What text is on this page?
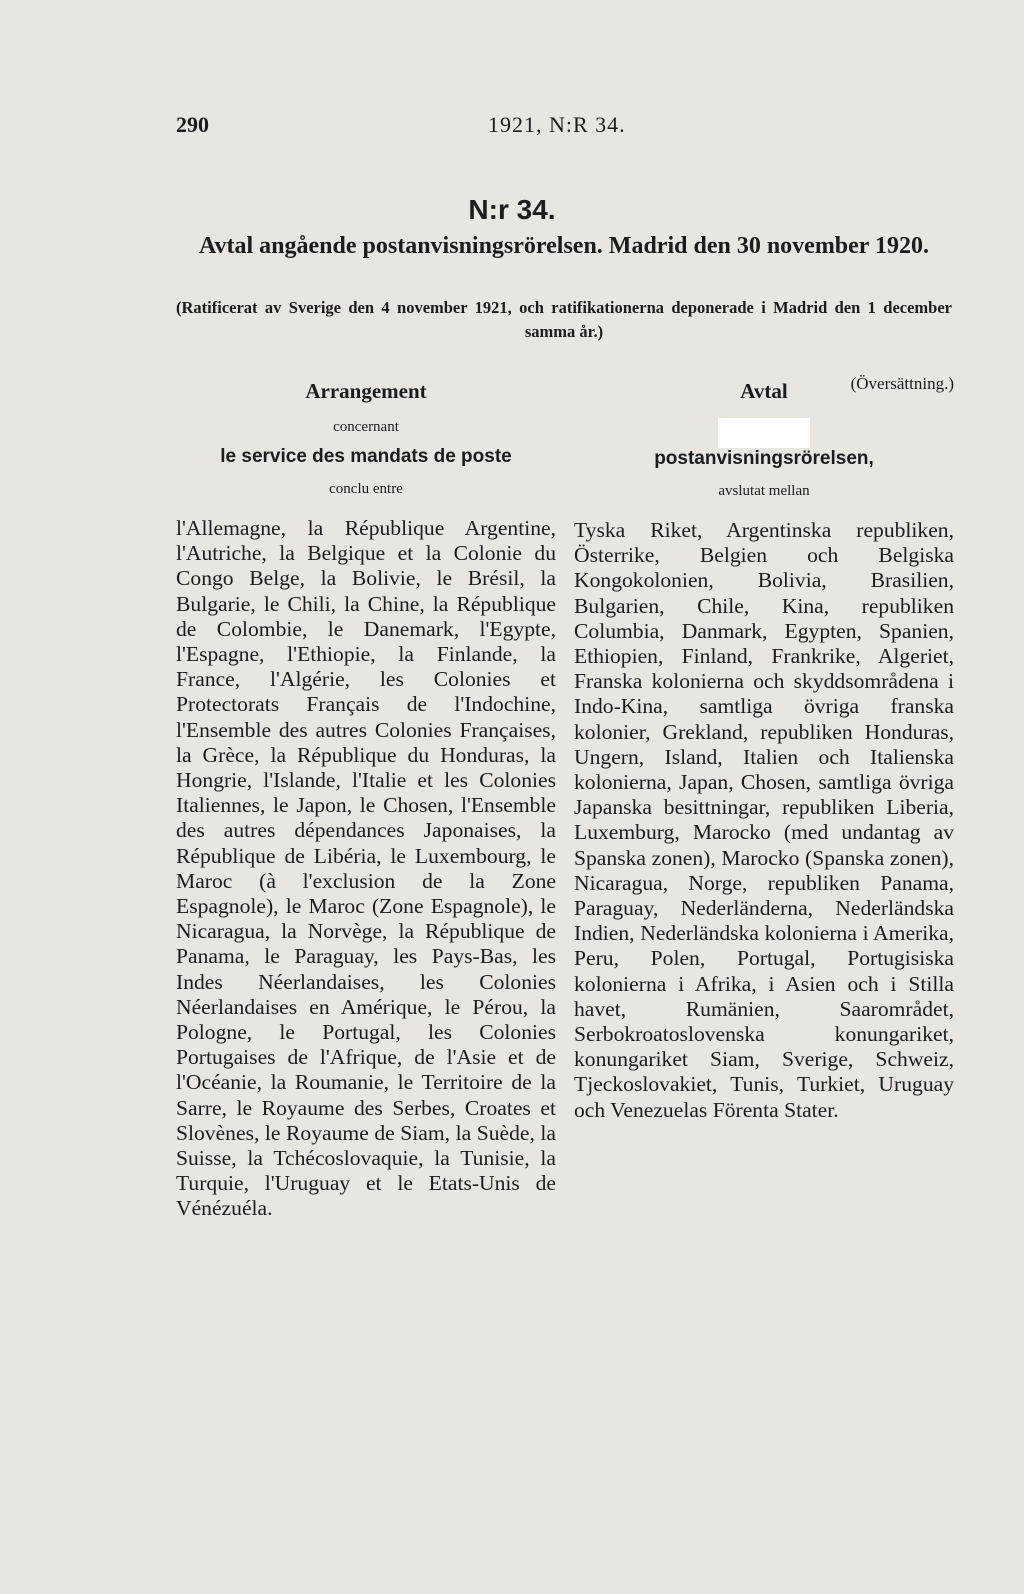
290	1921, N:R 34.
N:r 34.
Avtal angående postanvisningsrörelsen. Madrid den 30 november 1920.
(Ratificerat av Sverige den 4 november 1921, och ratifikationerna deponerade i Madrid den 1 december samma år.)
(Översättning.)
Arrangement
concernant
le service des mandats de poste
conclu entre
l'Allemagne, la République Argentine, l'Autriche, la Belgique et la Colonie du Congo Belge, la Bolivie, le Brésil, la Bulgarie, le Chili, la Chine, la République de Colombie, le Danemark, l'Egypte, l'Espagne, l'Ethiopie, la Finlande, la France, l'Algérie, les Colonies et Protectorats Français de l'Indochine, l'Ensemble des autres Colonies Françaises, la Grèce, la République du Honduras, la Hongrie, l'Islande, l'Italie et les Colonies Italiennes, le Japon, le Chosen, l'Ensemble des autres dépendances Japonaises, la République de Libéria, le Luxembourg, le Maroc (à l'exclusion de la Zone Espagnole), le Maroc (Zone Espagnole), le Nicaragua, la Norvège, la République de Panama, le Paraguay, les Pays-Bas, les Indes Néerlandaises, les Colonies Néerlandaises en Amérique, le Pérou, la Pologne, le Portugal, les Colonies Portugaises de l'Afrique, de l'Asie et de l'Océanie, la Roumanie, le Territoire de la Sarre, le Royaume des Serbes, Croates et Slovènes, le Royaume de Siam, la Suède, la Suisse, la Tchécoslovaquie, la Tunisie, la Turquie, l'Uruguay et le Etats-Unis de Vénézuéla.
Avtal
postanvisningsrörelsen,
avslutat mellan
Tyska Riket, Argentinska republiken, Österrike, Belgien och Belgiska Kongokolonien, Bolivia, Brasilien, Bulgarien, Chile, Kina, republiken Columbia, Danmark, Egypten, Spanien, Ethiopien, Finland, Frankrike, Algeriet, Franska kolonierna och skyddsområdena i Indo-Kina, samtliga övriga franska kolonier, Grekland, republiken Honduras, Ungern, Island, Italien och Italienska kolonierna, Japan, Chosen, samtliga övriga Japanska besittningar, republiken Liberia, Luxemburg, Marocko (med undantag av Spanska zonen), Marocko (Spanska zonen), Nicaragua, Norge, republiken Panama, Paraguay, Nederländerna, Nederländska Indien, Nederländska kolonierna i Amerika, Peru, Polen, Portugal, Portugisiska kolonierna i Afrika, i Asien och i Stilla havet, Rumänien, Saarområdet, Serbokroatoslovenska konungariket, konungariket Siam, Sverige, Schweiz, Tjeckoslovakiet, Tunis, Turkiet, Uruguay och Venezuelas Förenta Stater.
